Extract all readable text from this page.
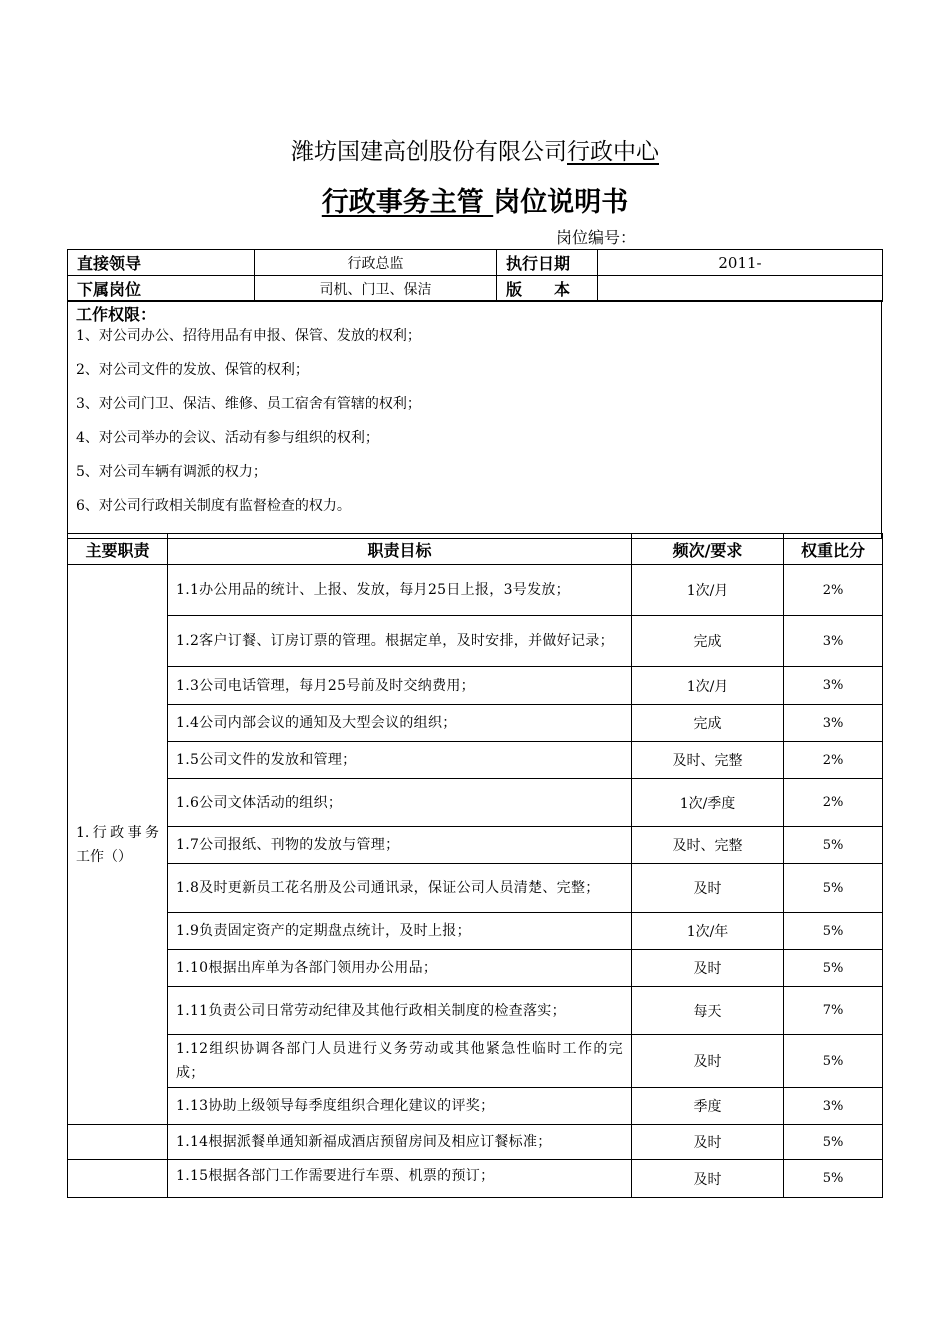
潍坊国建高创股份有限公司行政中心
行政事务主管 岗位说明书
岗位编号：
直接领导	行政总监	执行日期	2011-
下属岗位	司机、门卫、保洁	版　　本	
工作权限：
1、对公司办公、招待用品有申报、保管、发放的权利；
2、对公司文件的发放、保管的权利；
3、对公司门卫、保洁、维修、员工宿舍有管辖的权利；
4、对公司举办的会议、活动有参与组织的权利；
5、对公司车辆有调派的权力；
6、对公司行政相关制度有监督检查的权力。
主要职责	职责目标	频次/要求	权重比分
1.行政事务工作（）	1.1办公用品的统计、上报、发放，每月25日上报，3号发放；	1次/月	2%
	1.2客户订餐、订房订票的管理。根据定单，及时安排，并做好记录；	完成	3%
	1.3公司电话管理，每月25号前及时交纳费用；	1次/月	3%
	1.4公司内部会议的通知及大型会议的组织；	完成	3%
	1.5公司文件的发放和管理；	及时、完整	2%
	1.6公司文体活动的组织；	1次/季度	2%
	1.7公司报纸、刊物的发放与管理；	及时、完整	5%
	1.8及时更新员工花名册及公司通讯录，保证公司人员清楚、完整；	及时	5%
	1.9负责固定资产的定期盘点统计，及时上报；	1次/年	5%
	1.10根据出库单为各部门领用办公用品；	及时	5%
	1.11负责公司日常劳动纪律及其他行政相关制度的检查落实；	每天	7%
	1.12组织协调各部门人员进行义务劳动或其他紧急性临时工作的完成；	及时	5%
	1.13协助上级领导每季度组织合理化建议的评奖；	季度	3%
	1.14根据派餐单通知新福成酒店预留房间及相应订餐标准；	及时	5%
	1.15根据各部门工作需要进行车票、机票的预订；	及时	5%
